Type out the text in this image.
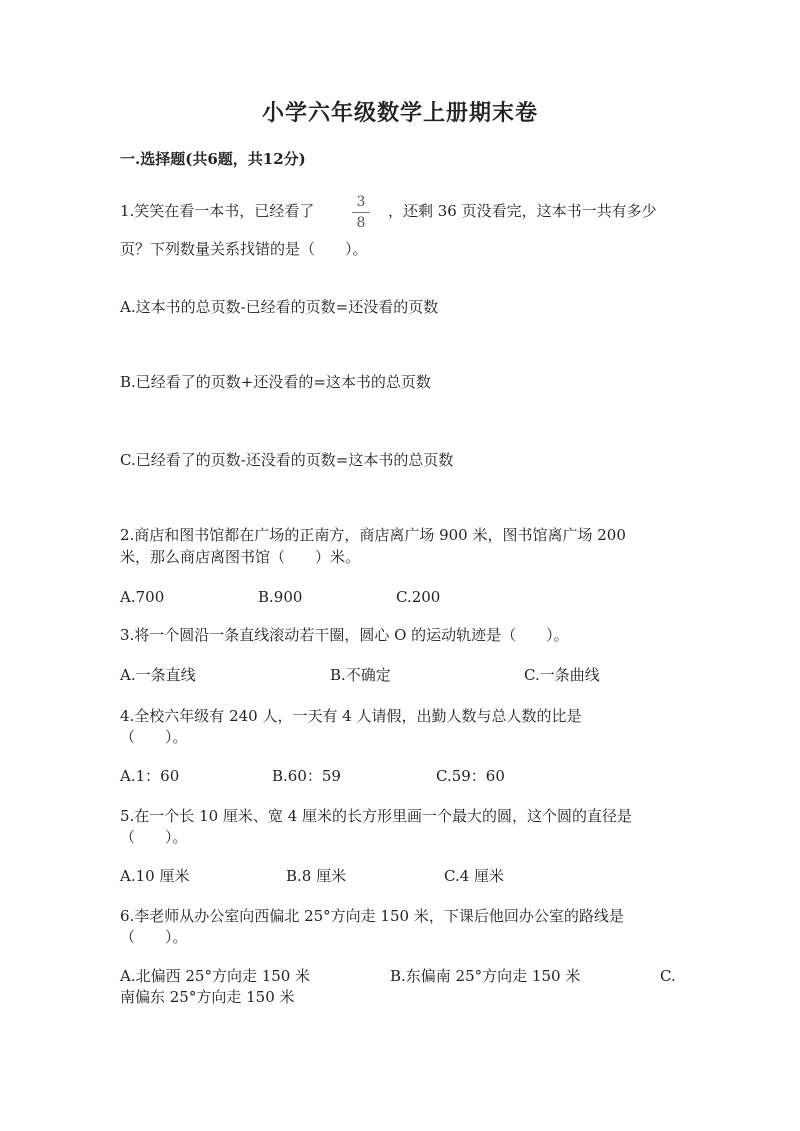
小学六年级数学上册期末卷
一.选择题(共6题，共12分)
1.笑笑在看一本书，已经看了	3
8
，还剩 36 页没看完，这本书一共有多少
页？下列数量关系找错的是（　　）。
A.这本书的总页数-已经看的页数=还没看的页数
B.已经看了的页数+还没看的=这本书的总页数
C.已经看了的页数-还没看的页数=这本书的总页数
2.商店和图书馆都在广场的正南方，商店离广场 900 米，图书馆离广场 200
米，那么商店离图书馆（　　）米。
A.700	B.900	C.200
3.将一个圆沿一条直线滚动若干圈，圆心 O 的运动轨迹是（　　）。
A.一条直线	B.不确定	C.一条曲线
4.全校六年级有 240 人，一天有 4 人请假，出勤人数与总人数的比是
（　　）。
A.1：60	B.60：59	C.59：60
5.在一个长 10 厘米、宽 4 厘米的长方形里画一个最大的圆，这个圆的直径是
（　　）。
A.10 厘米	B.8 厘米	C.4 厘米
6.李老师从办公室向西偏北 25°方向走 150 米，下课后他回办公室的路线是
（　　）。
A.北偏西 25°方向走 150 米	B.东偏南 25°方向走 150 米	C.
南偏东 25°方向走 150 米
